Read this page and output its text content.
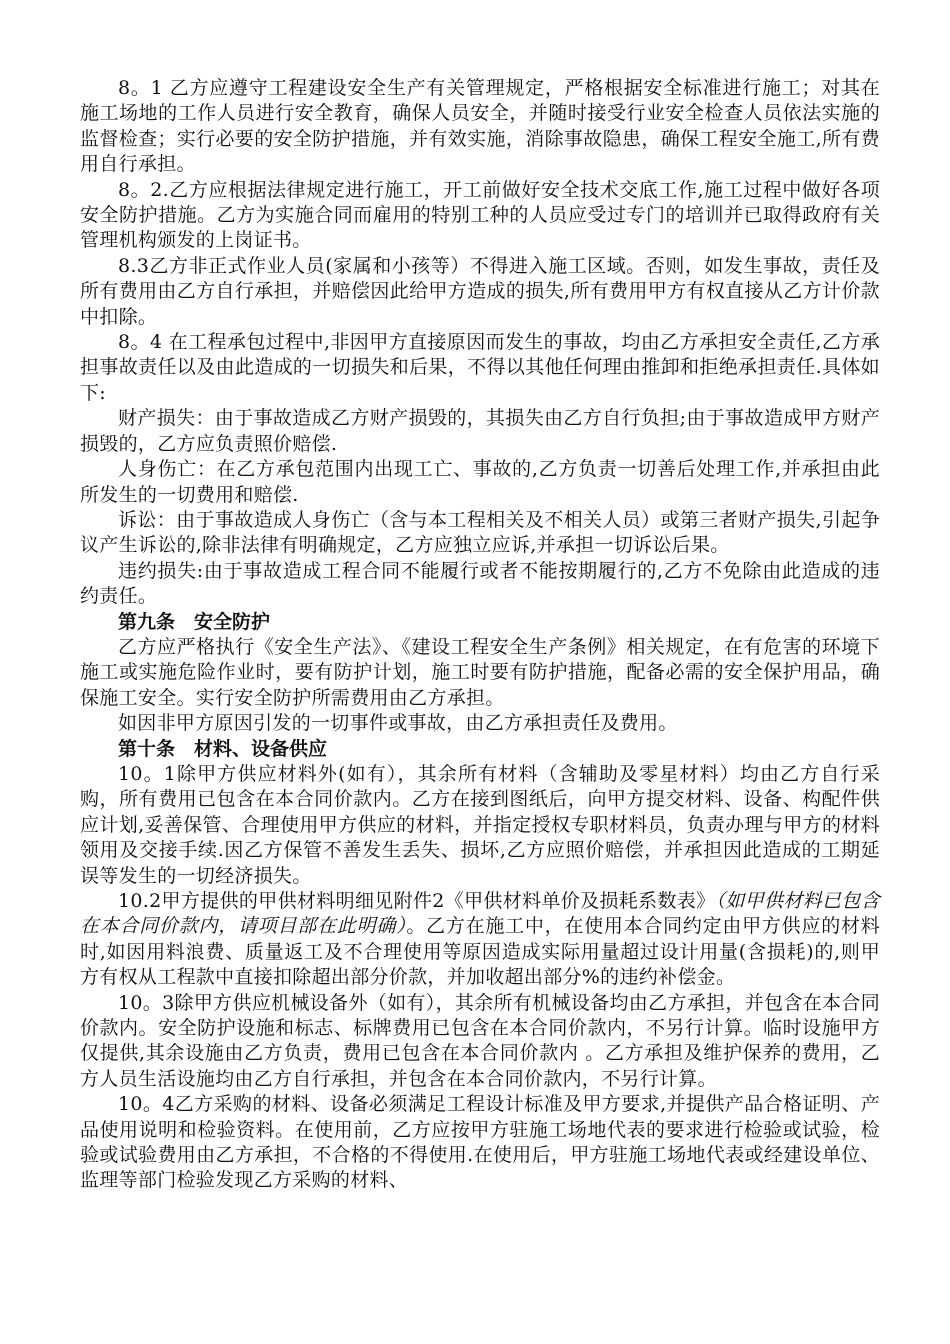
8。1 乙方应遵守工程建设安全生产有关管理规定，严格根据安全标准进行施工；对其在施工场地的工作人员进行安全教育，确保人员安全，并随时接受行业安全检查人员依法实施的监督检查；实行必要的安全防护措施，并有效实施，消除事故隐患，确保工程安全施工,所有费用自行承担。

8。2.乙方应根据法律规定进行施工，开工前做好安全技术交底工作,施工过程中做好各项安全防护措施。乙方为实施合同而雇用的特别工种的人员应受过专门的培训并已取得政府有关管理机构颁发的上岗证书。

8.3乙方非正式作业人员(家属和小孩等）不得进入施工区域。否则，如发生事故，责任及所有费用由乙方自行承担，并赔偿因此给甲方造成的损失,所有费用甲方有权直接从乙方计价款中扣除。

8。4 在工程承包过程中,非因甲方直接原因而发生的事故，均由乙方承担安全责任,乙方承担事故责任以及由此造成的一切损失和后果，不得以其他任何理由推卸和拒绝承担责任.具体如下:

财产损失：由于事故造成乙方财产损毁的，其损失由乙方自行负担;由于事故造成甲方财产损毁的，乙方应负责照价赔偿.

人身伤亡：在乙方承包范围内出现工亡、事故的,乙方负责一切善后处理工作,并承担由此所发生的一切费用和赔偿.

诉讼：由于事故造成人身伤亡（含与本工程相关及不相关人员）或第三者财产损失,引起争议产生诉讼的,除非法律有明确规定，乙方应独立应诉,并承担一切诉讼后果。

违约损失:由于事故造成工程合同不能履行或者不能按期履行的,乙方不免除由此造成的违约责任。

第九条　安全防护

乙方应严格执行《安全生产法》、《建设工程安全生产条例》相关规定，在有危害的环境下施工或实施危险作业时，要有防护计划，施工时要有防护措施，配备必需的安全保护用品，确保施工安全。实行安全防护所需费用由乙方承担。

如因非甲方原因引发的一切事件或事故，由乙方承担责任及费用。

第十条　材料、设备供应

10。1除甲方供应材料外(如有），其余所有材料（含辅助及零星材料）均由乙方自行采购，所有费用已包含在本合同价款内。乙方在接到图纸后，向甲方提交材料、设备、构配件供应计划,妥善保管、合理使用甲方供应的材料，并指定授权专职材料员，负责办理与甲方的材料领用及交接手续.因乙方保管不善发生丢失、损坏,乙方应照价赔偿，并承担因此造成的工期延误等发生的一切经济损失。

10.2甲方提供的甲供材料明细见附件2《甲供材料单价及损耗系数表》（如甲供材料已包含在本合同价款内，请项目部在此明确）。乙方在施工中，在使用本合同约定由甲方供应的材料时,如因用料浪费、质量返工及不合理使用等原因造成实际用量超过设计用量(含损耗)的,则甲方有权从工程款中直接扣除超出部分价款，并加收超出部分%的违约补偿金。

10。3除甲方供应机械设备外（如有），其余所有机械设备均由乙方承担，并包含在本合同价款内。安全防护设施和标志、标牌费用已包含在本合同价款内，不另行计算。临时设施甲方仅提供,其余设施由乙方负责，费用已包含在本合同价款内 。乙方承担及维护保养的费用，乙方人员生活设施均由乙方自行承担，并包含在本合同价款内，不另行计算。

10。4乙方采购的材料、设备必须满足工程设计标准及甲方要求,并提供产品合格证明、产品使用说明和检验资料。在使用前，乙方应按甲方驻施工场地代表的要求进行检验或试验，检验或试验费用由乙方承担，不合格的不得使用.在使用后，甲方驻施工场地代表或经建设单位、监理等部门检验发现乙方采购的材料、
